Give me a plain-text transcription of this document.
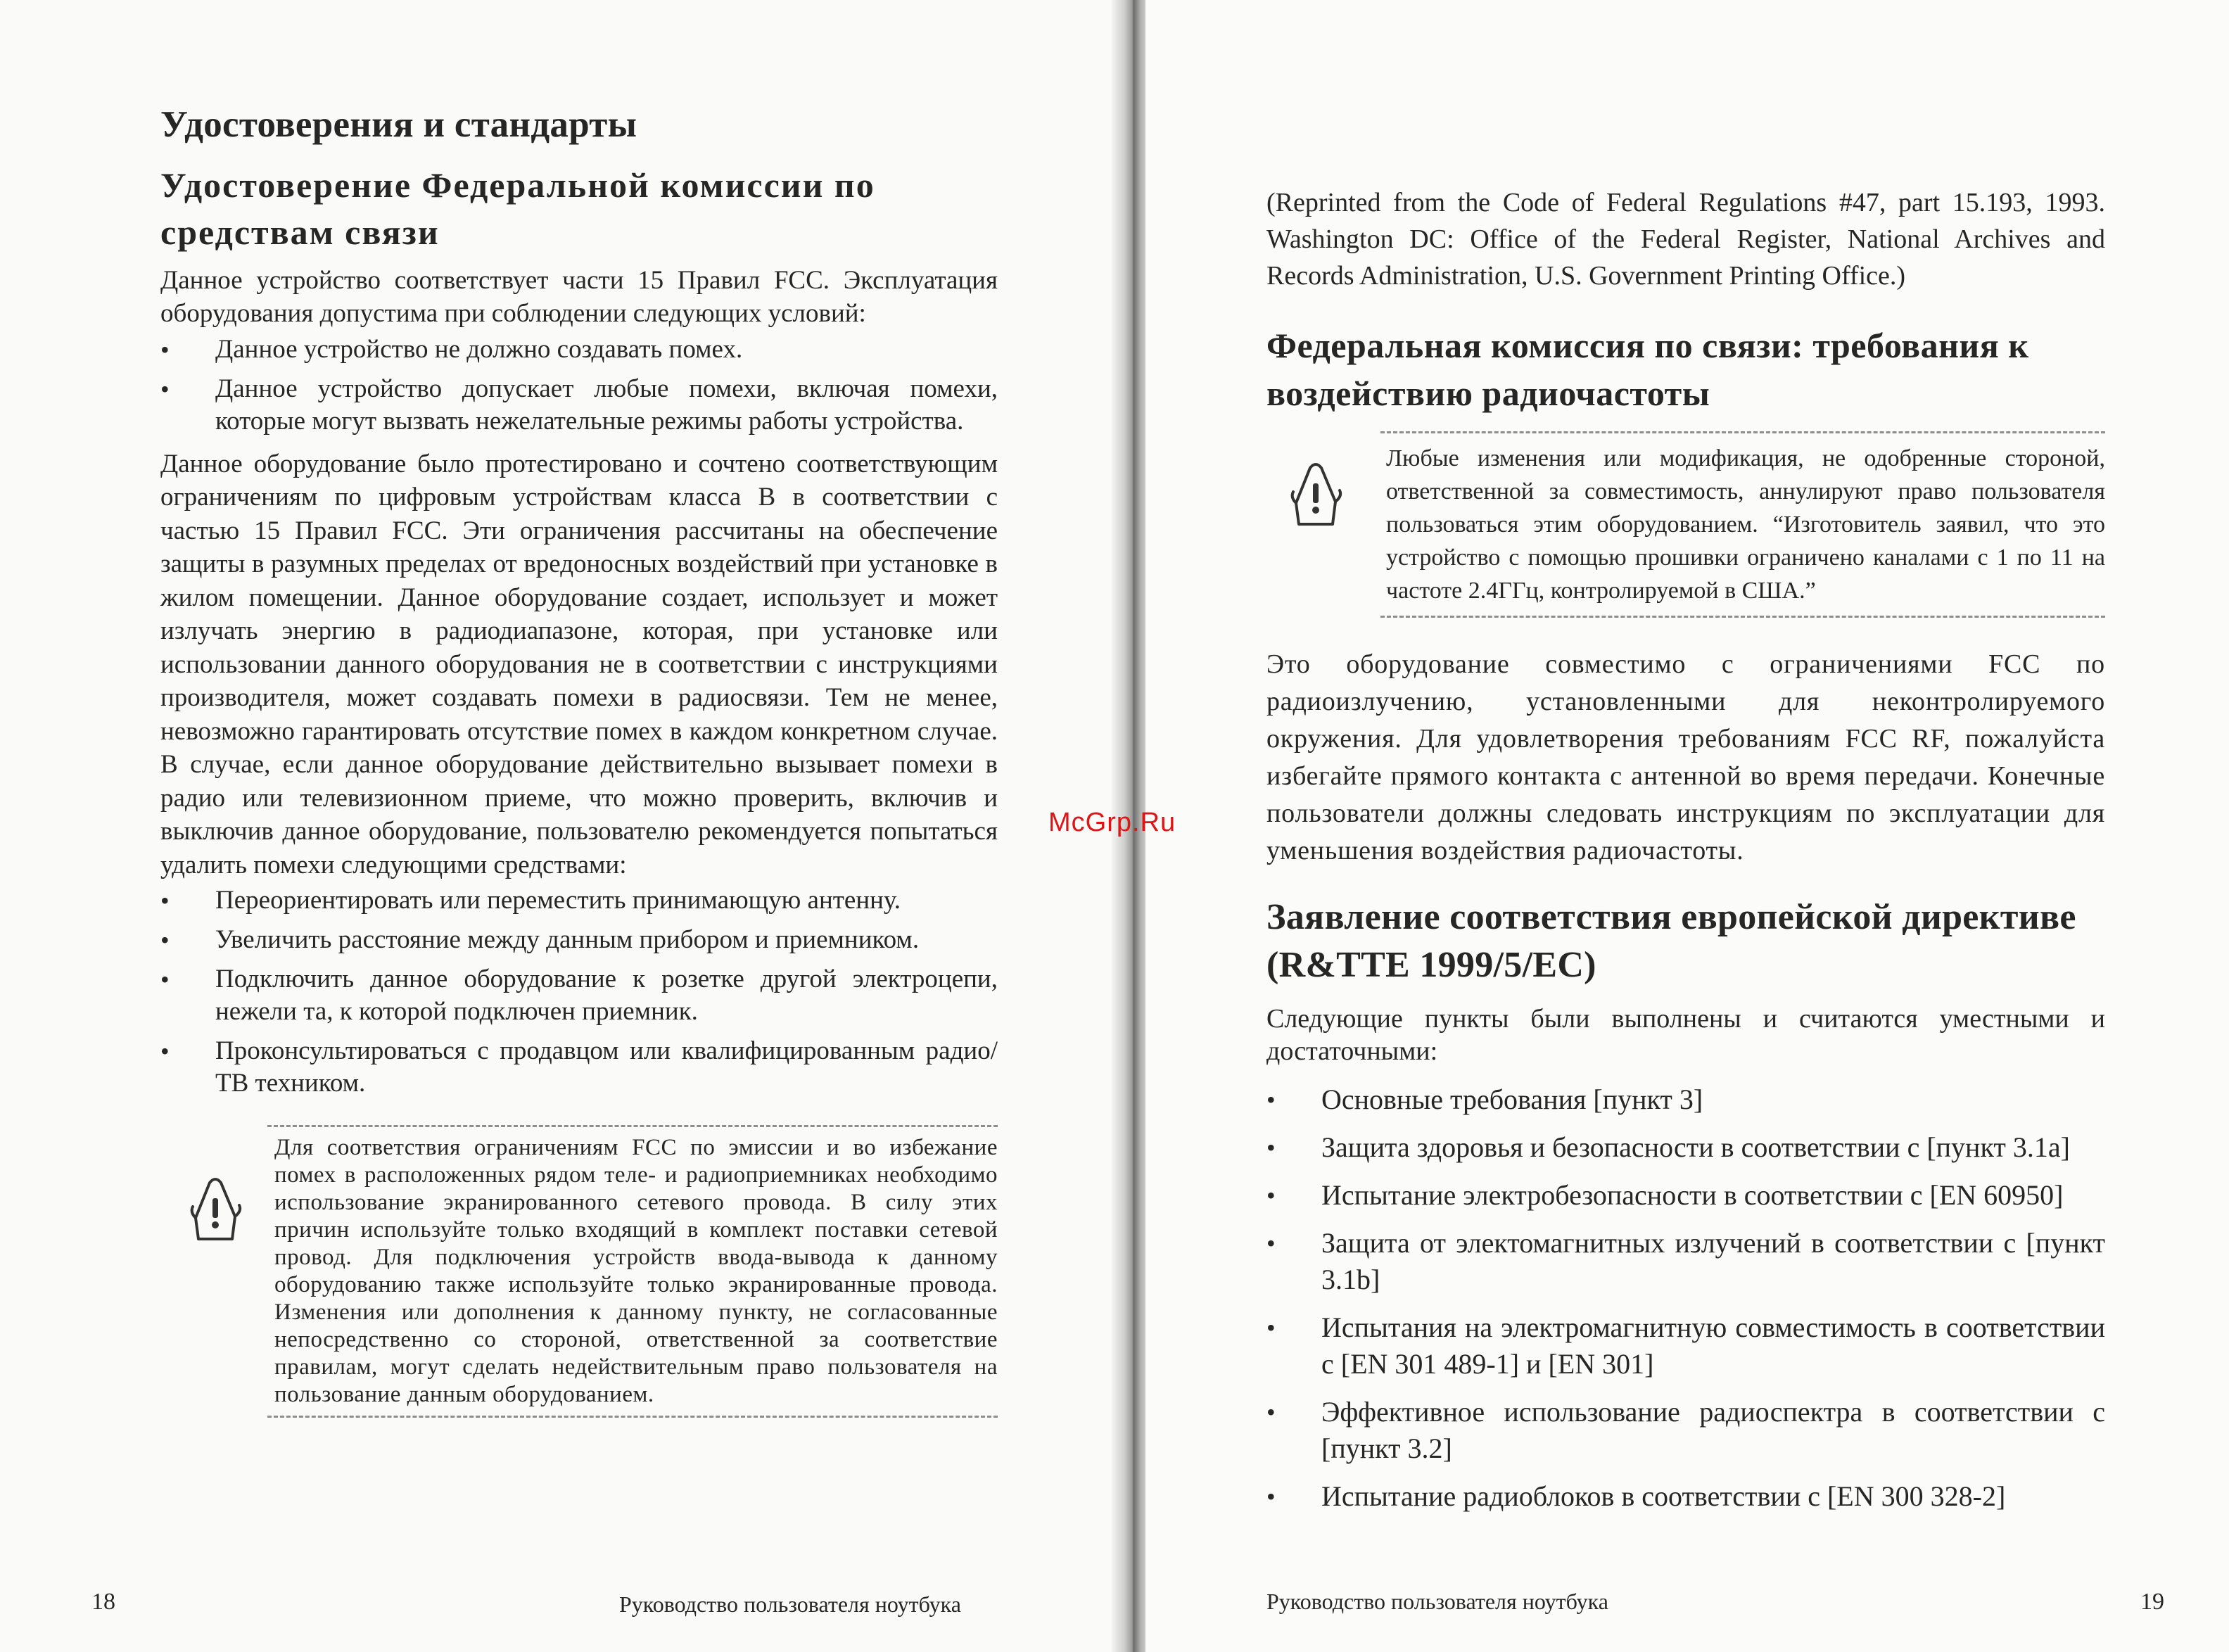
Удостоверения и стандарты
Удостоверение Федеральной комиссии по средствам связи

Данное устройство соответствует части 15 Правил FCC. Эксплуатация оборудования допустима при соблюдении следующих условий:

• Данное устройство не должно создавать помех.
• Данное устройство допускает любые помехи, включая помехи, которые могут вызвать нежелательные режимы работы устройства.

Данное оборудование было протестировано и сочтено соответствующим ограничениям по цифровым устройствам класса В в соответствии с частью 15 Правил FCC. Эти ограничения рассчитаны на обеспечение защиты в разумных пределах от вредоносных воздействий при установке в жилом помещении. Данное оборудование создает, использует и может излучать энергию в радиодиапазоне, которая, при установке или использовании данного оборудования не в соответствии с инструкциями производителя, может создавать помехи в радиосвязи. Тем не менее, невозможно гарантировать отсутствие помех в каждом конкретном случае. В случае, если данное оборудование действительно вызывает помехи в радио или телевизионном приеме, что можно проверить, включив и выключив данное оборудование, пользователю рекомендуется попытаться удалить помехи следующими средствами:

• Переориентировать или переместить принимающую антенну.
• Увеличить расстояние между данным прибором и приемником.
• Подключить данное оборудование к розетке другой электроцепи, нежели та, к которой подключен приемник.
• Проконсультироваться с продавцом или квалифицированным радио/ ТВ техником.
Для соответствия ограничениям FCC по эмиссии и во избежание помех в расположенных рядом теле- и радиоприемниках необходимо использование экранированного сетевого провода. В силу этих причин используйте только входящий в комплект поставки сетевой провод. Для подключения устройств ввода-вывода к данному оборудованию также используйте только экранированные провода. Изменения или дополнения к данному пункту, не согласованные непосредственно со стороной, ответственной за соответствие правилам, могут сделать недействительным право пользователя на пользование данным оборудованием.
18	Руководство пользователя ноутбука

(Reprinted from the Code of Federal Regulations #47, part 15.193, 1993. Washington DC: Office of the Federal Register, National Archives and Records Administration, U.S. Government Printing Office.)

Федеральная комиссия по связи: требования к воздействию радиочастоты
Любые изменения или модификация, не одобренные стороной, ответственной за совместимость, аннулируют право пользователя пользоваться этим оборудованием. “Изготовитель заявил, что это устройство с помощью прошивки ограничено каналами с 1 по 11 на частоте 2.4ГГц, контролируемой в США.”

Это оборудование совместимо с ограничениями FCC по радиоизлучению, установленными для неконтролируемого окружения. Для удовлетворения требованиям FCC RF, пожалуйста избегайте прямого контакта с антенной во время передачи. Конечные пользователи должны следовать инструкциям по эксплуатации для уменьшения воздействия радиочастоты.

Заявление соответствия европейской директиве (R&TTE 1999/5/EC)

Следующие пункты были выполнены и считаются уместными и достаточными:

• Основные требования [пункт 3]
• Защита здоровья и безопасности в соответствии с [пункт 3.1a]
• Испытание электробезопасности в соответствии с [EN 60950]
• Защита от электомагнитных излучений в соответствии с [пункт 3.1b]
• Испытания на электромагнитную совместимость в соответствии с [EN 301 489-1] и [EN 301]
• Эффективное использование радиоспектра в соответствии с [пункт 3.2]
• Испытание радиоблоков в соответствии с [EN 300 328-2]
Руководство пользователя ноутбука	19
McGrp.Ru
